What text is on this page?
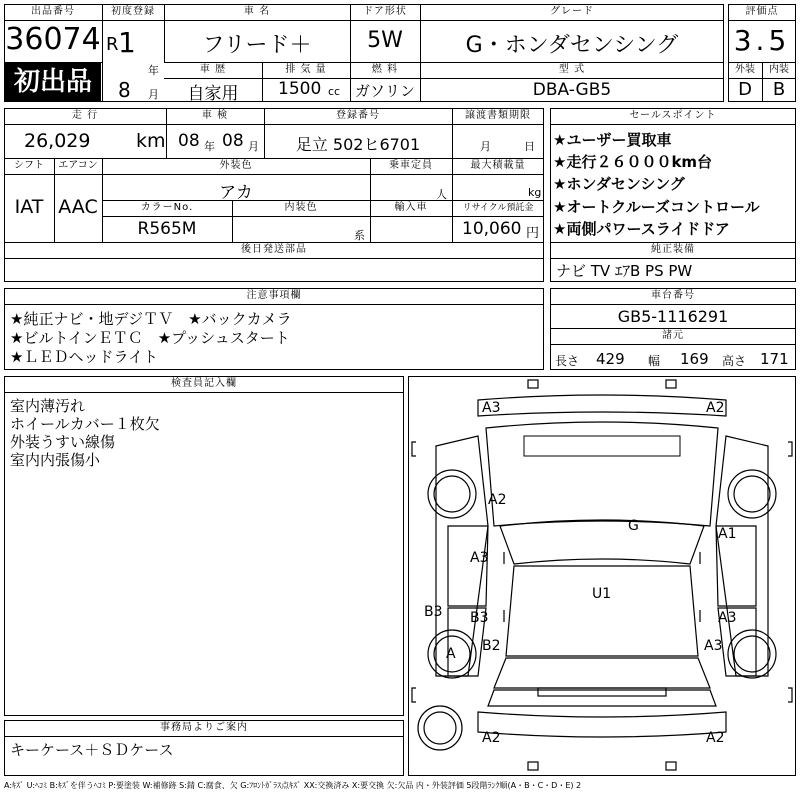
出品番号
36074
初出品
初度登録
R 1
年
8 月
車 名
フリード＋
ドア形状
5W
グレード
G・ホンダセンシング
車 歴
自家用
排 気 量
1500 cc
燃 料
ガソリン
型 式
DBA-GB5
評価点
3.5
外装	内装
D	B
走 行
26,029 km
車 検
08 年 08 月
登録番号
足立 502ヒ6701
譲渡書類期限
月	日
シフト
IAT
エアコン
AAC
外装色
アカ
乗車定員
人
最大積載量
kg
カラーNo.
R565M
内装色
系
輸入車	リサイクル預託金
10,060 円
後日発送部品
セールスポイント
★ユーザー買取車
★走行２６０００km台
★ホンダセンシング
★オートクルーズコントロール
★両側パワースライドドア
純正装備
ナビ TV ｴｱB PS PW
注意事項欄
★純正ナビ・地デジＴＶ　★バックカメラ
★ビルトインＥＴＣ　★プッシュスタート
★ＬＥＤヘッドライト
車台番号
GB5-1116291
諸元
長さ 429 幅 169 高さ 171
検査員記入欄
室内薄汚れ
ホイールカバー１枚欠
外装うすい線傷
室内内張傷小
事務局よりご案内
キーケース＋ＳＤケース
A3	A2
A2
G	A1
A3
U1
B3 B3	A3
A B2	A3
A2	A2
A:ｷｽﾞ U:ﾍｺﾐ B:ｷｽﾞを伴うﾍｺﾐ P:要塗装 W:補修跡 S:錆 C:腐食、欠 G:ﾌﾛﾝﾄｶﾞﾗｽ点ｷｽﾞ XX:交換済み X:要交換 欠:欠品 内・外装評価 5段階ﾗﾝｸ順(A・B・C・D・E) 2
